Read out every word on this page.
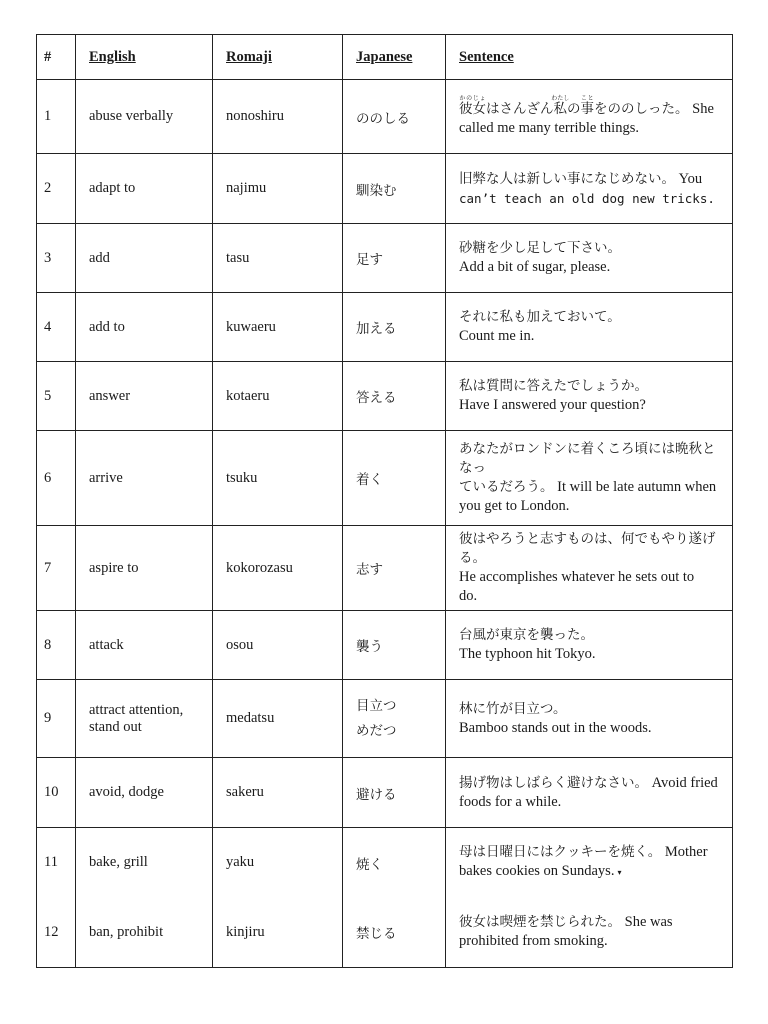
#	English	Romaji	Japanese	Sentence
1	abuse verbally	nonoshiru	ののしる	彼女かのじょはさんざん私わたしの事ことをののしった。 She
called me many terrible things.

2	adapt to	najimu	馴染む	旧弊な人は新しい事になじめない。 You
can’t teach an old dog new tricks.

3	add	tasu	足す	砂糖を少し足して下さい。
Add a bit of sugar, please.

4	add to	kuwaeru	加える	それに私も加えておいて。
Count me in.

5	answer	kotaeru	答える	私は質問に答えたでしょうか。
Have I answered your question?

6	arrive	tsuku	着く	あなたがロンドンに着くころ頃には晩秋となっ
ているだろう。 It will be late autumn when
you get to London.

7	aspire to	kokorozasu	志す	彼はやろうと志すものは、何でもやり遂げる。
He accomplishes whatever he sets out to
do.

8	attack	osou	襲う	台風が東京を襲った。
The typhoon hit Tokyo.

9	attract attention,
stand out	medatsu	目立つ
めだつ	林に竹が目立つ。
Bamboo stands out in the woods.

10	avoid, dodge	sakeru	避ける	揚げ物はしばらく避けなさい。 Avoid fried
foods for a while.

11	bake, grill	yaku	焼く	母は日曜日にはクッキーを焼く。 Mother
bakes cookies on Sundays. ▾

12	ban, prohibit	kinjiru	禁じる	彼女は喫煙を禁じられた。 She was
prohibited from smoking.
